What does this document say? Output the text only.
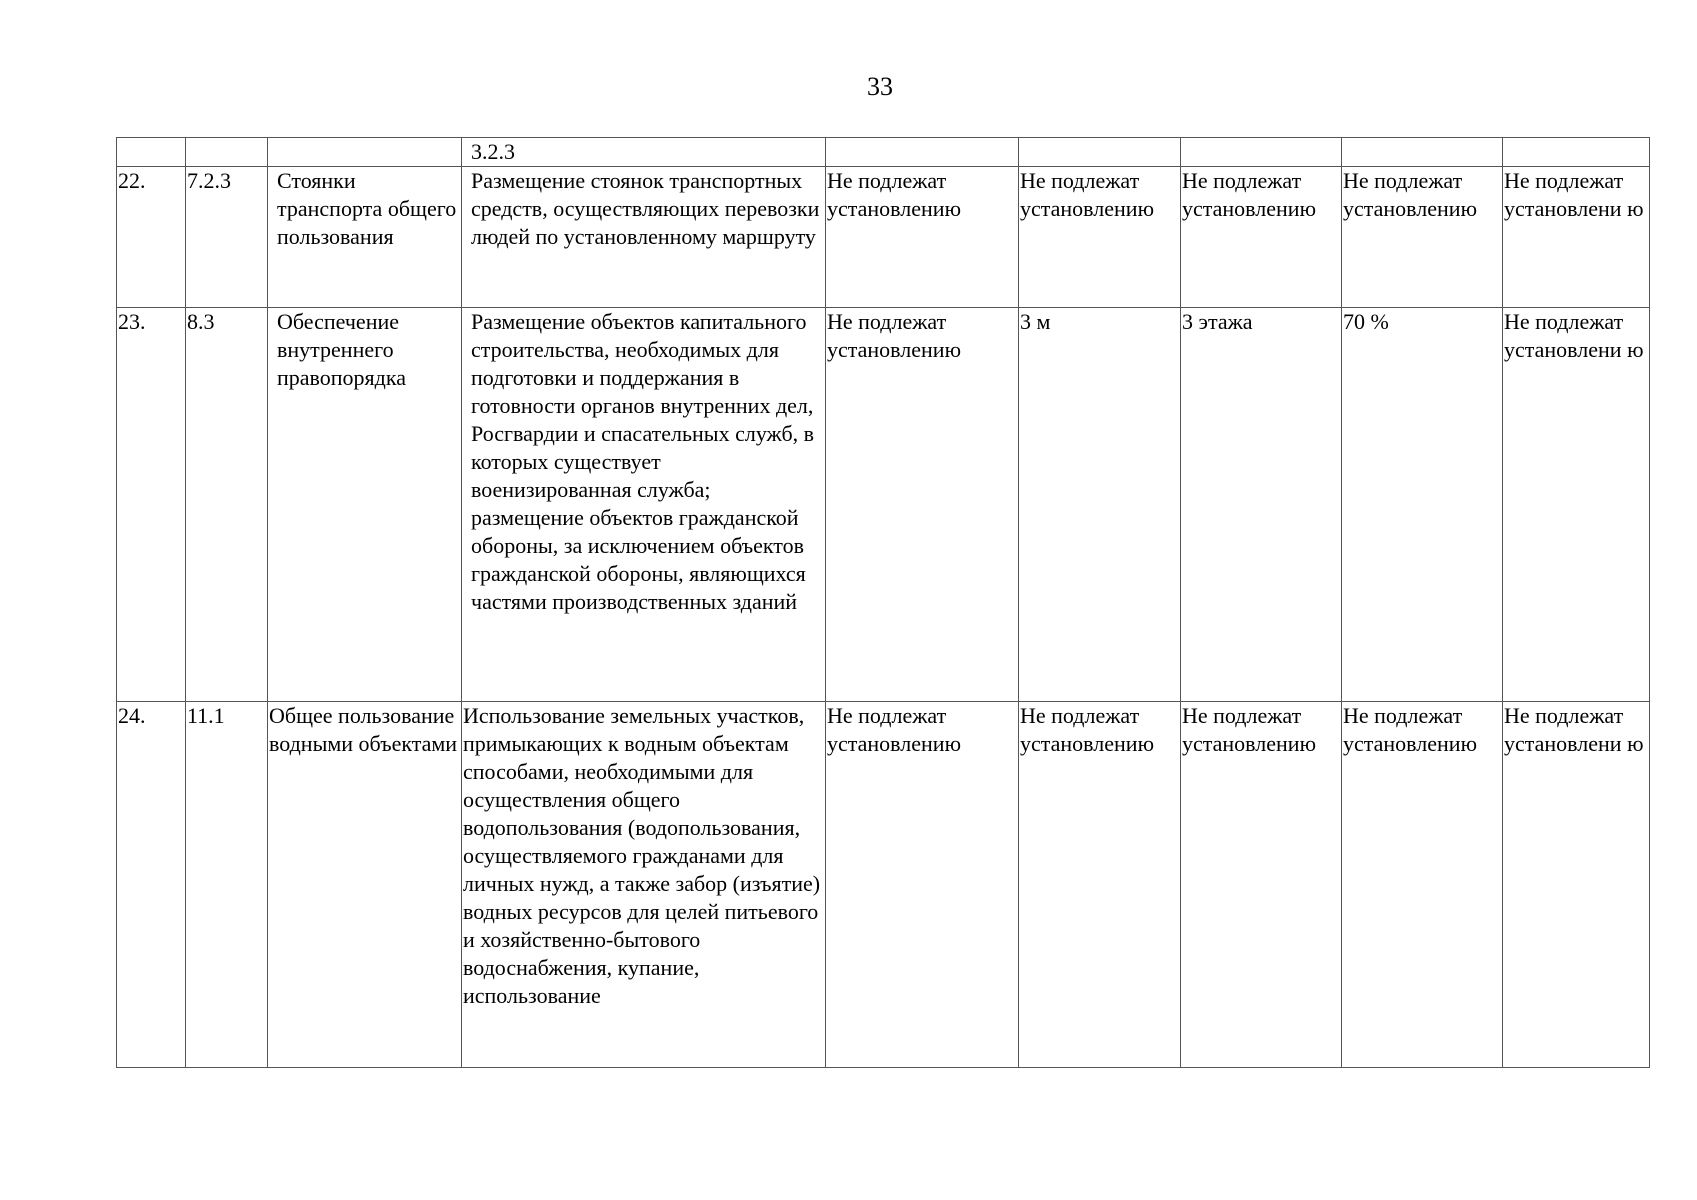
33
			3.2.3					
22.	7.2.3	Стоянки транспорта общего пользования	Размещение стоянок транспортных средств, осуществляющих перевозки людей по установленному маршруту	Не подлежат установлению	Не подлежат установлению	Не подлежат установлению	Не подлежат установлению	Не подлежат установлени ю
23.	8.3	Обеспечение внутреннего правопорядка	Размещение объектов капитального строительства, необходимых для подготовки и поддержания в готовности органов внутренних дел, Росгвардии и спасательных служб, в которых существует военизированная служба; размещение объектов гражданской обороны, за исключением объектов гражданской обороны, являющихся частями производственных зданий	Не подлежат установлению	3 м	3 этажа	70 %	Не подлежат установлени ю
24.	11.1	Общее пользование водными объектами	Использование земельных участков, примыкающих к водным объектам способами, необходимыми для осуществления общего водопользования (водопользования, осуществляемого гражданами для личных нужд, а также забор (изъятие) водных ресурсов для целей питьевого и хозяйственно-бытового водоснабжения, купание, использование	Не подлежат установлению	Не подлежат установлению	Не подлежат установлению	Не подлежат установлению	Не подлежат установлени ю
